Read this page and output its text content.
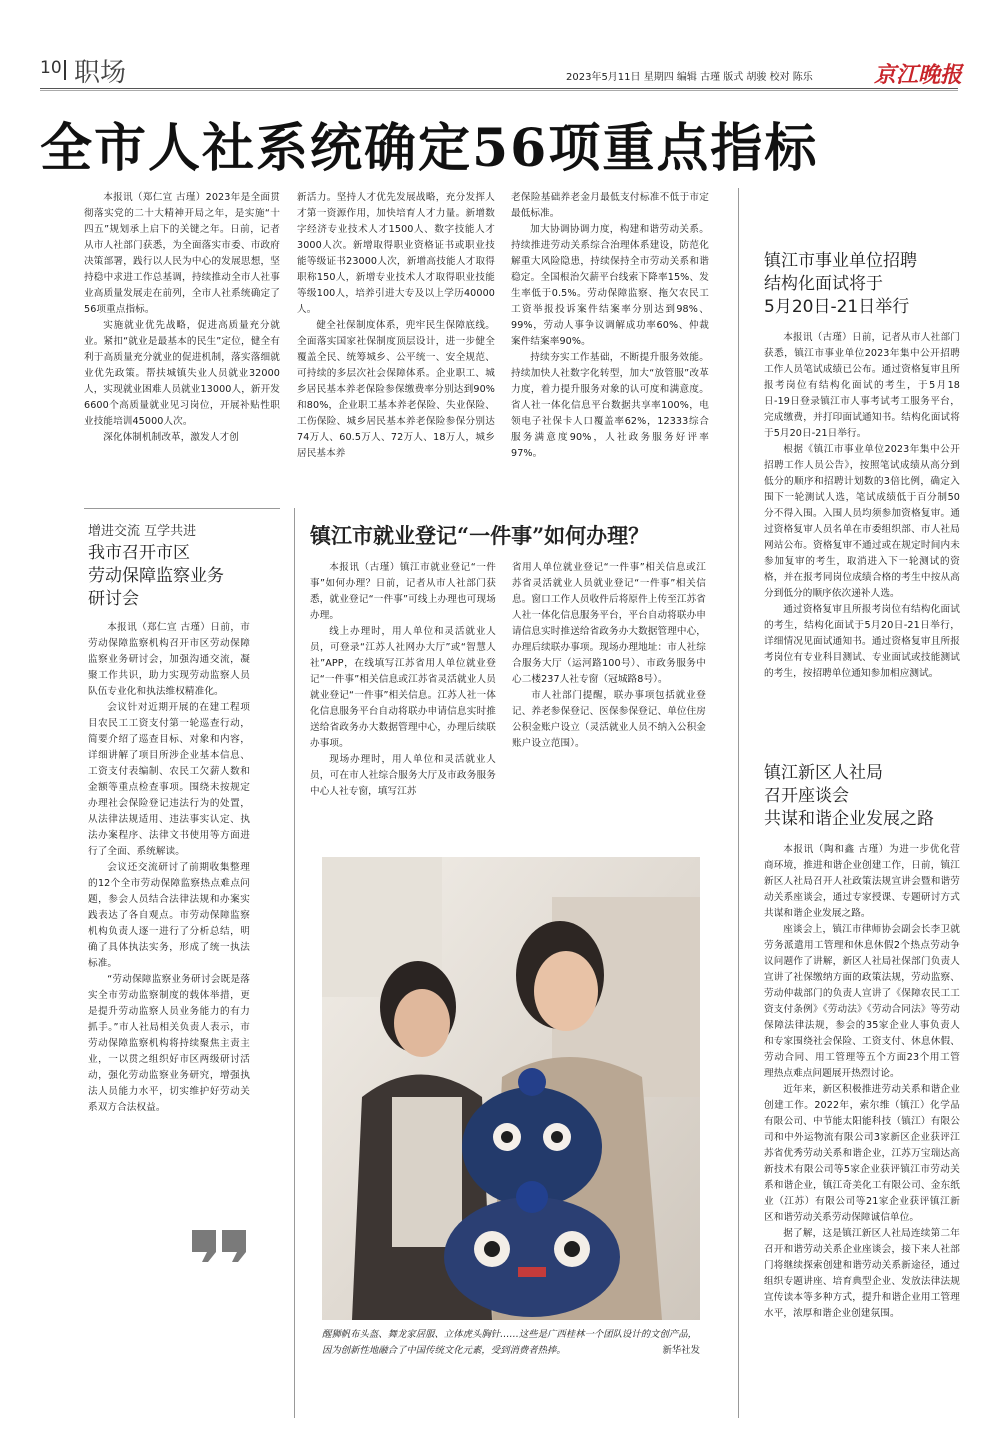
10 职场	2023年5月11日 星期四 编辑 古瑾 版式 胡骏 校对 陈乐	京江晚报
全市人社系统确定56项重点指标

本报讯（郑仁宣 古瑾）2023年是全面贯彻落实党的二十大精神开局之年，是实施“十四五”规划承上启下的关键之年。日前，记者从市人社部门获悉，为全面落实市委、市政府决策部署，践行以人民为中心的发展思想，坚持稳中求进工作总基调，持续推动全市人社事业高质量发展走在前列，全市人社系统确定了56项重点指标。

实施就业优先战略，促进高质量充分就业。紧扣“就业是最基本的民生”定位，健全有利于高质量充分就业的促进机制，落实落细就业优先政策。帮扶城镇失业人员就业32000人，实现就业困难人员就业13000人，新开发6600个高质量就业见习岗位，开展补贴性职业技能培训45000人次。

深化体制机制改革，激发人才创

新活力。坚持人才优先发展战略，充分发挥人才第一资源作用，加快培育人才力量。新增数字经济专业技术人才1500人、数字技能人才3000人次。新增取得职业资格证书或职业技能等级证书23000人次，新增高技能人才取得职称150人，新增专业技术人才取得职业技能等级100人，培养引进大专及以上学历40000人。

健全社保制度体系，兜牢民生保障底线。全面落实国家社保制度顶层设计，进一步健全覆盖全民、统筹城乡、公平统一、安全规范、可持续的多层次社会保障体系。企业职工、城乡居民基本养老保险参保缴费率分别达到90%和80%，企业职工基本养老保险、失业保险、工伤保险、城乡居民基本养老保险参保分别达74万人、60.5万人、72万人、18万人，城乡居民基本养

老保险基础养老金月最低支付标准不低于市定最低标准。

加大协调协调力度，构建和谐劳动关系。持续推进劳动关系综合治理体系建设，防范化解重大风险隐患，持续保持全市劳动关系和谐稳定。全国根治欠薪平台线索下降率15%、发生率低于0.5%。劳动保障监察、拖欠农民工工资举报投诉案件结案率分别达到98%、99%，劳动人事争议调解成功率60%、仲裁案件结案率90%。

持续夯实工作基础，不断提升服务效能。持续加快人社数字化转型，加大“放管服”改革力度，着力提升服务对象的认可度和满意度。省人社一体化信息平台数据共享率100%，电领电子社保卡人口覆盖率62%，12333综合服务满意度90%，人社政务服务好评率97%。

镇江市事业单位招聘
结构化面试将于
5月20日-21日举行

本报讯（古瑾）日前，记者从市人社部门获悉，镇江市事业单位2023年集中公开招聘工作人员笔试成绩已公布。通过资格复审且所报考岗位有结构化面试的考生，于5月18日-19日登录镇江市人事考试考工服务平台，完成缴费，并打印面试通知书。结构化面试将于5月20日-21日举行。

根据《镇江市事业单位2023年集中公开招聘工作人员公告》，按照笔试成绩从高分到低分的顺序和招聘计划数的3倍比例，确定入围下一轮测试人选，笔试成绩低于百分制50分不得入围。入围人员均须参加资格复审。通过资格复审人员名单在市委组织部、市人社局网站公布。资格复审不通过或在规定时间内未参加复审的考生，取消进入下一轮测试的资格，并在报考同岗位成绩合格的考生中按从高分到低分的顺序依次递补人选。

通过资格复审且所报考岗位有结构化面试的考生，结构化面试于5月20日-21日举行，详细情况见面试通知书。通过资格复审且所报考岗位有专业科目测试、专业面试或技能测试的考生，按招聘单位通知参加相应测试。

镇江新区人社局
召开座谈会
共谋和谐企业发展之路

本报讯（陶和鑫 古瑾）为进一步优化营商环境，推进和谐企业创建工作，日前，镇江新区人社局召开人社政策法规宣讲会暨和谐劳动关系座谈会，通过专家授课、专题研讨方式共谋和谐企业发展之路。

座谈会上，镇江市律师协会副会长李卫就劳务派遣用工管理和休息休假2个热点劳动争议问题作了讲解，新区人社局社保部门负责人宣讲了社保缴纳方面的政策法规，劳动监察、劳动仲裁部门的负责人宣讲了《保障农民工工资支付条例》《劳动法》《劳动合同法》等劳动保障法律法规，参会的35家企业人事负责人和专家围绕社会保险、工资支付、休息休假、劳动合同、用工管理等五个方面23个用工管理热点难点问题展开热烈讨论。

近年来，新区积极推进劳动关系和谐企业创建工作。2022年，索尔维（镇江）化学品有限公司、中节能太阳能科技（镇江）有限公司和中外运物流有限公司3家新区企业获评江苏省优秀劳动关系和谐企业，江苏万宝瑞达高新技术有限公司等5家企业获评镇江市劳动关系和谐企业，镇江奇美化工有限公司、金东纸业（江苏）有限公司等21家企业获评镇江新区和谐劳动关系劳动保障诚信单位。

据了解，这是镇江新区人社局连续第二年召开和谐劳动关系企业座谈会，接下来人社部门将继续探索创建和谐劳动关系新途径，通过组织专题讲座、培育典型企业、发放法律法规宣传读本等多种方式，提升和谐企业用工管理水平，浓厚和谐企业创建氛围。

增进交流 互学共进
我市召开市区
劳动保障监察业务
研讨会

本报讯（郑仁宣 古瑾）日前，市劳动保障监察机构召开市区劳动保障监察业务研讨会，加强沟通交流，凝聚工作共识，助力实现劳动监察人员队伍专业化和执法维权精准化。

会议针对近期开展的在建工程项目农民工工资支付第一轮巡查行动，简要介绍了巡查目标、对象和内容，详细讲解了项目所涉企业基本信息、工资支付表编制、农民工欠薪人数和金额等重点检查事项。围绕未按规定办理社会保险登记违法行为的处置，从法律法规适用、违法事实认定、执法办案程序、法律文书使用等方面进行了全面、系统解读。

会议还交流研讨了前期收集整理的12个全市劳动保障监察热点难点问题，参会人员结合法律法规和办案实践表达了各自观点。市劳动保障监察机构负责人逐一进行了分析总结，明确了具体执法实务，形成了统一执法标准。

“劳动保障监察业务研讨会既是落实全市劳动监察制度的载体举措，更是提升劳动监察人员业务能力的有力抓手。”市人社局相关负责人表示，市劳动保障监察机构将持续聚焦主责主业，一以贯之组织好市区两级研讨活动，强化劳动监察业务研究，增强执法人员能力水平，切实维护好劳动关系双方合法权益。

镇江市就业登记“一件事”如何办理？

本报讯（古瑾）镇江市就业登记“一件事”如何办理？日前，记者从市人社部门获悉，就业登记“一件事”可线上办理也可现场办理。

线上办理时，用人单位和灵活就业人员，可登录“江苏人社网办大厅”或“智慧人社”APP，在线填写江苏省用人单位就业登记“一件事”相关信息或江苏省灵活就业人员就业登记“一件事”相关信息。江苏人社一体化信息服务平台自动将联办申请信息实时推送给省政务办大数据管理中心，办理后续联办事项。

现场办理时，用人单位和灵活就业人员，可在市人社综合服务大厅及市政务服务中心人社专窗，填写江苏

省用人单位就业登记“一件事”相关信息或江苏省灵活就业人员就业登记“一件事”相关信息。窗口工作人员收件后将原件上传至江苏省人社一体化信息服务平台，平台自动将联办申请信息实时推送给省政务办大数据管理中心，办理后续联办事项。现场办理地址：市人社综合服务大厅（运河路100号）、市政务服务中心二楼237人社专窗（冠城路8号）。

市人社部门提醒，联办事项包括就业登记、养老参保登记、医保参保登记、单位住房公积金账户设立（灵活就业人员不纳入公积金账户设立范围）。

醒狮帆布头盔、舞龙家居服、立体虎头胸针……这些是广西桂林一个团队设计的文创产品，因为创新性地融合了中国传统文化元素，受到消费者热捧。	新华社发
